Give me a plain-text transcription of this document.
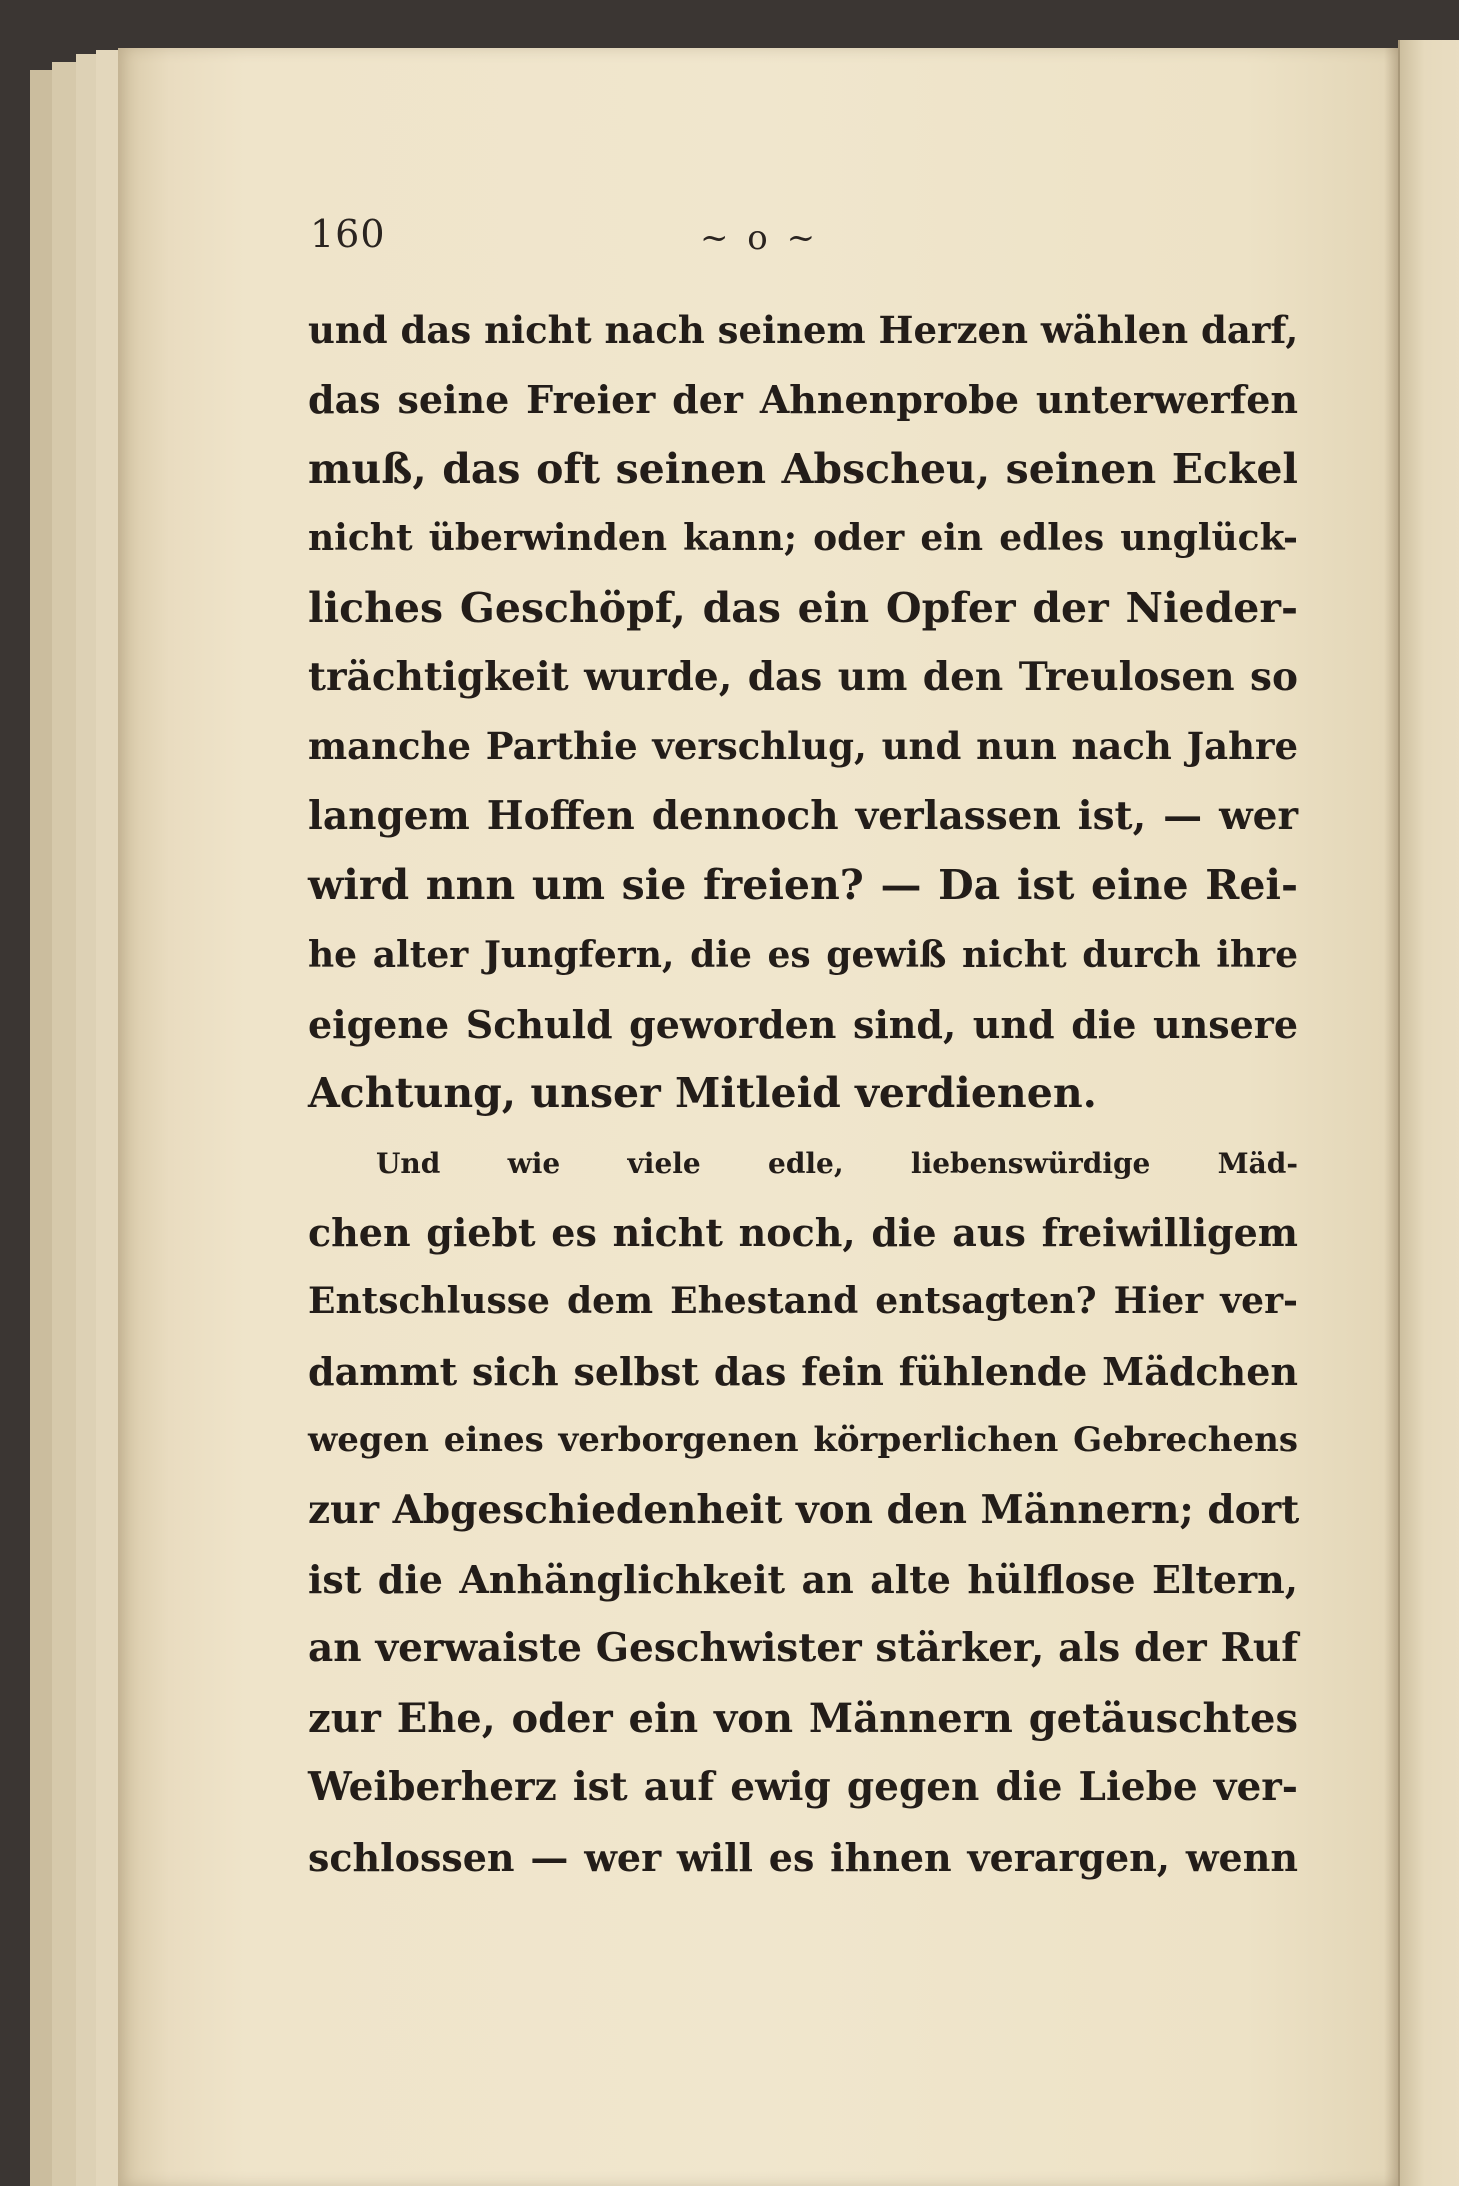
160	~ ο ~
und das nicht nach seinem Herzen wählen darf,
das seine Freier der Ahnenprobe unterwerfen
muß, das oft seinen Abscheu, seinen Eckel
nicht überwinden kann; oder ein edles unglück-
liches Geschöpf, das ein Opfer der Nieder-
trächtigkeit wurde, das um den Treulosen so
manche Parthie verschlug, und nun nach Jahre
langem Hoffen dennoch verlassen ist, — wer
wird nnn um sie freien? — Da ist eine Rei-
he alter Jungfern, die es gewiß nicht durch ihre
eigene Schuld geworden sind, und die unsere
Achtung, unser Mitleid verdienen.
Und wie viele edle, liebenswürdige Mäd-
chen giebt es nicht noch, die aus freiwilligem
Entschlusse dem Ehestand entsagten? Hier ver-
dammt sich selbst das fein fühlende Mädchen
wegen eines verborgenen körperlichen Gebrechens
zur Abgeschiedenheit von den Männern; dort
ist die Anhänglichkeit an alte hülflose Eltern,
an verwaiste Geschwister stärker, als der Ruf
zur Ehe, oder ein von Männern getäuschtes
Weiberherz ist auf ewig gegen die Liebe ver-
schlossen — wer will es ihnen verargen, wenn
